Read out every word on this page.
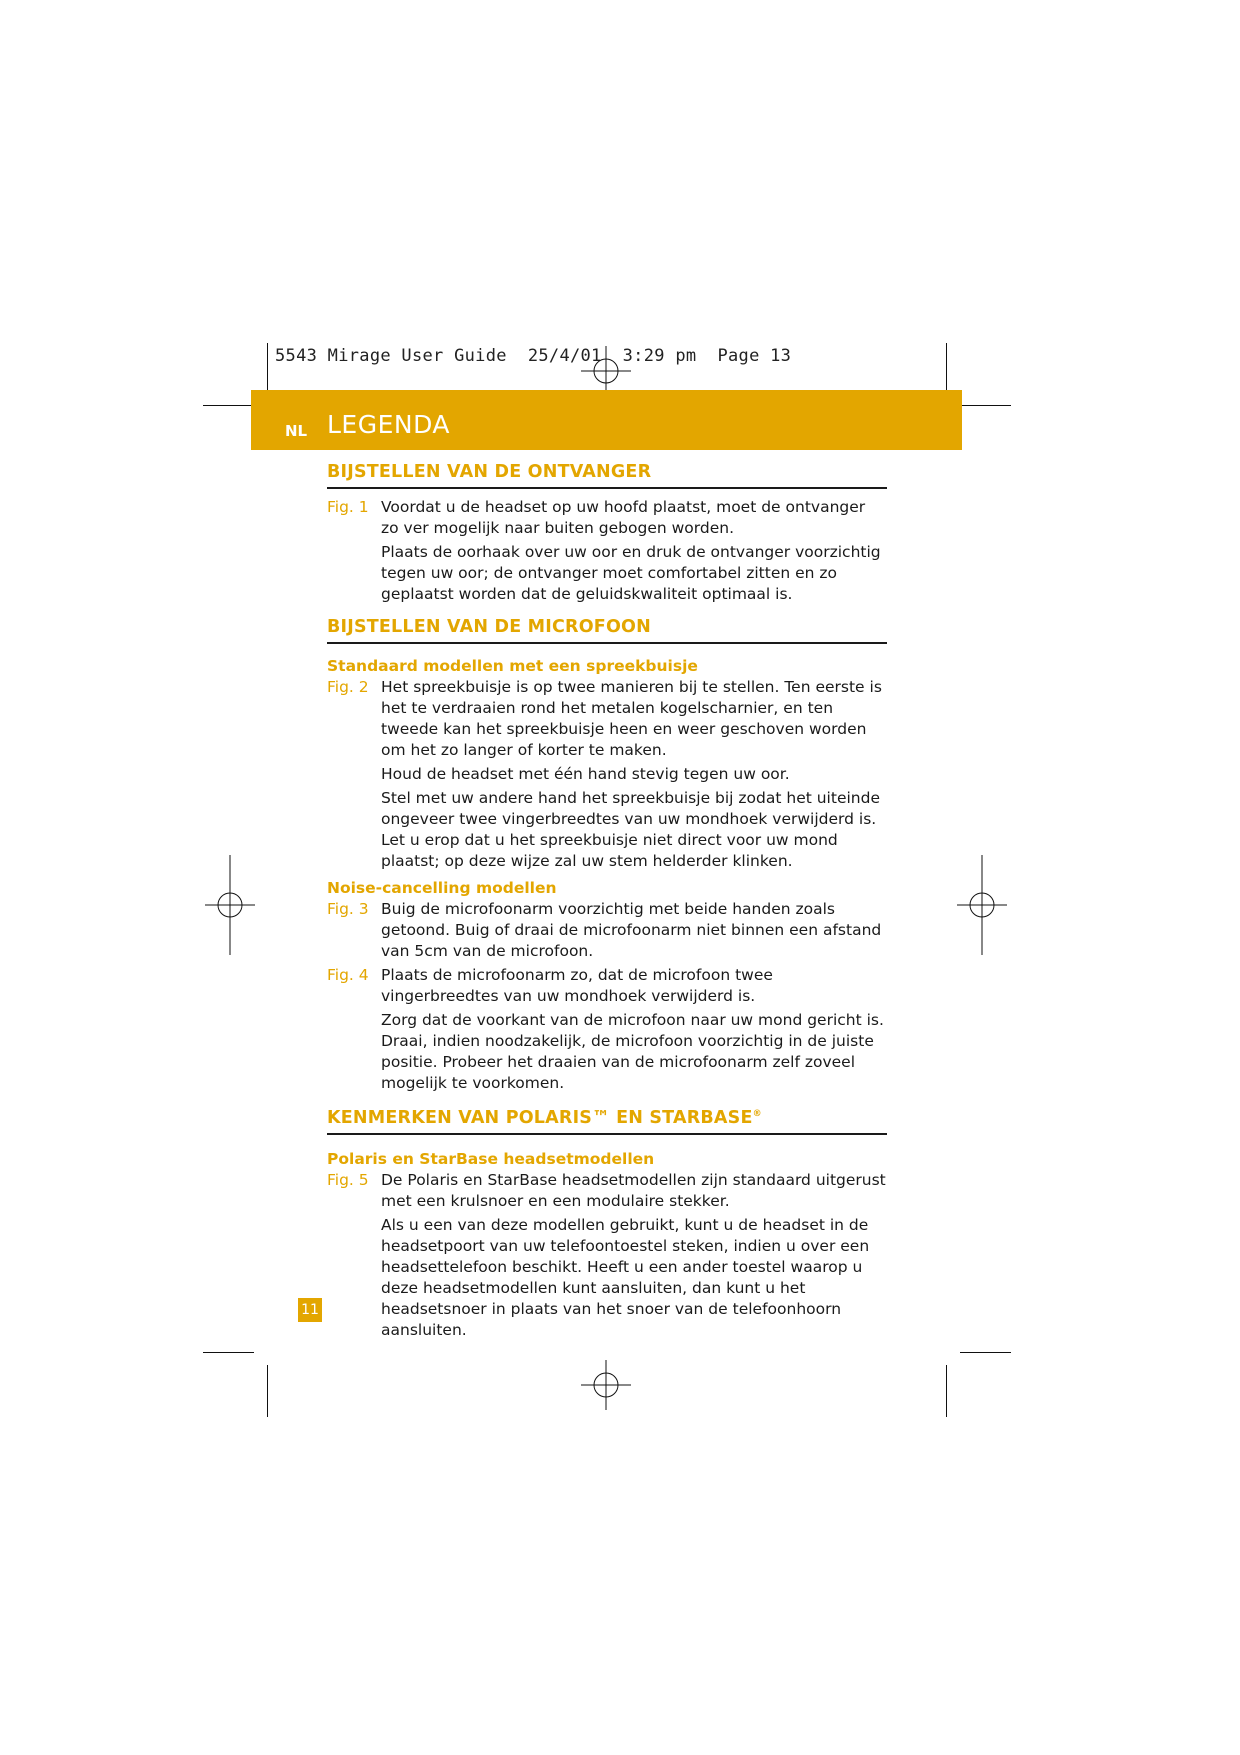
5543 Mirage User Guide  25/4/01  3:29 pm  Page 13
NL LEGENDA
BIJSTELLEN VAN DE ONTVANGER
Fig. 1 Voordat u de headset op uw hoofd plaatst, moet de ontvanger zo ver mogelijk naar buiten gebogen worden.

Plaats de oorhaak over uw oor en druk de ontvanger voorzichtig tegen uw oor; de ontvanger moet comfortabel zitten en zo geplaatst worden dat de geluidskwaliteit optimaal is.

BIJSTELLEN VAN DE MICROFOON
Standaard modellen met een spreekbuisje
Fig. 2 Het spreekbuisje is op twee manieren bij te stellen. Ten eerste is het te verdraaien rond het metalen kogelscharnier, en ten tweede kan het spreekbuisje heen en weer geschoven worden om het zo langer of korter te maken.

Houd de headset met één hand stevig tegen uw oor.

Stel met uw andere hand het spreekbuisje bij zodat het uiteinde ongeveer twee vingerbreedtes van uw mondhoek verwijderd is. Let u erop dat u het spreekbuisje niet direct voor uw mond plaatst; op deze wijze zal uw stem helderder klinken.

Noise-cancelling modellen
Fig. 3 Buig de microfoonarm voorzichtig met beide handen zoals getoond. Buig of draai de microfoonarm niet binnen een afstand van 5cm van de microfoon.

Fig. 4 Plaats de microfoonarm zo, dat de microfoon twee vingerbreedtes van uw mondhoek verwijderd is.

Zorg dat de voorkant van de microfoon naar uw mond gericht is. Draai, indien noodzakelijk, de microfoon voorzichtig in de juiste positie. Probeer het draaien van de microfoonarm zelf zoveel mogelijk te voorkomen.

KENMERKEN VAN POLARIS™ EN STARBASE®
Polaris en StarBase headsetmodellen
Fig. 5 De Polaris en StarBase headsetmodellen zijn standaard uitgerust met een krulsnoer en een modulaire stekker.

Als u een van deze modellen gebruikt, kunt u de headset in de headsetpoort van uw telefoontoestel steken, indien u over een headsettelefoon beschikt. Heeft u een ander toestel waarop u deze headsetmodellen kunt aansluiten, dan kunt u het headsetsnoer in plaats van het snoer van de telefoonhoorn aansluiten.

11
